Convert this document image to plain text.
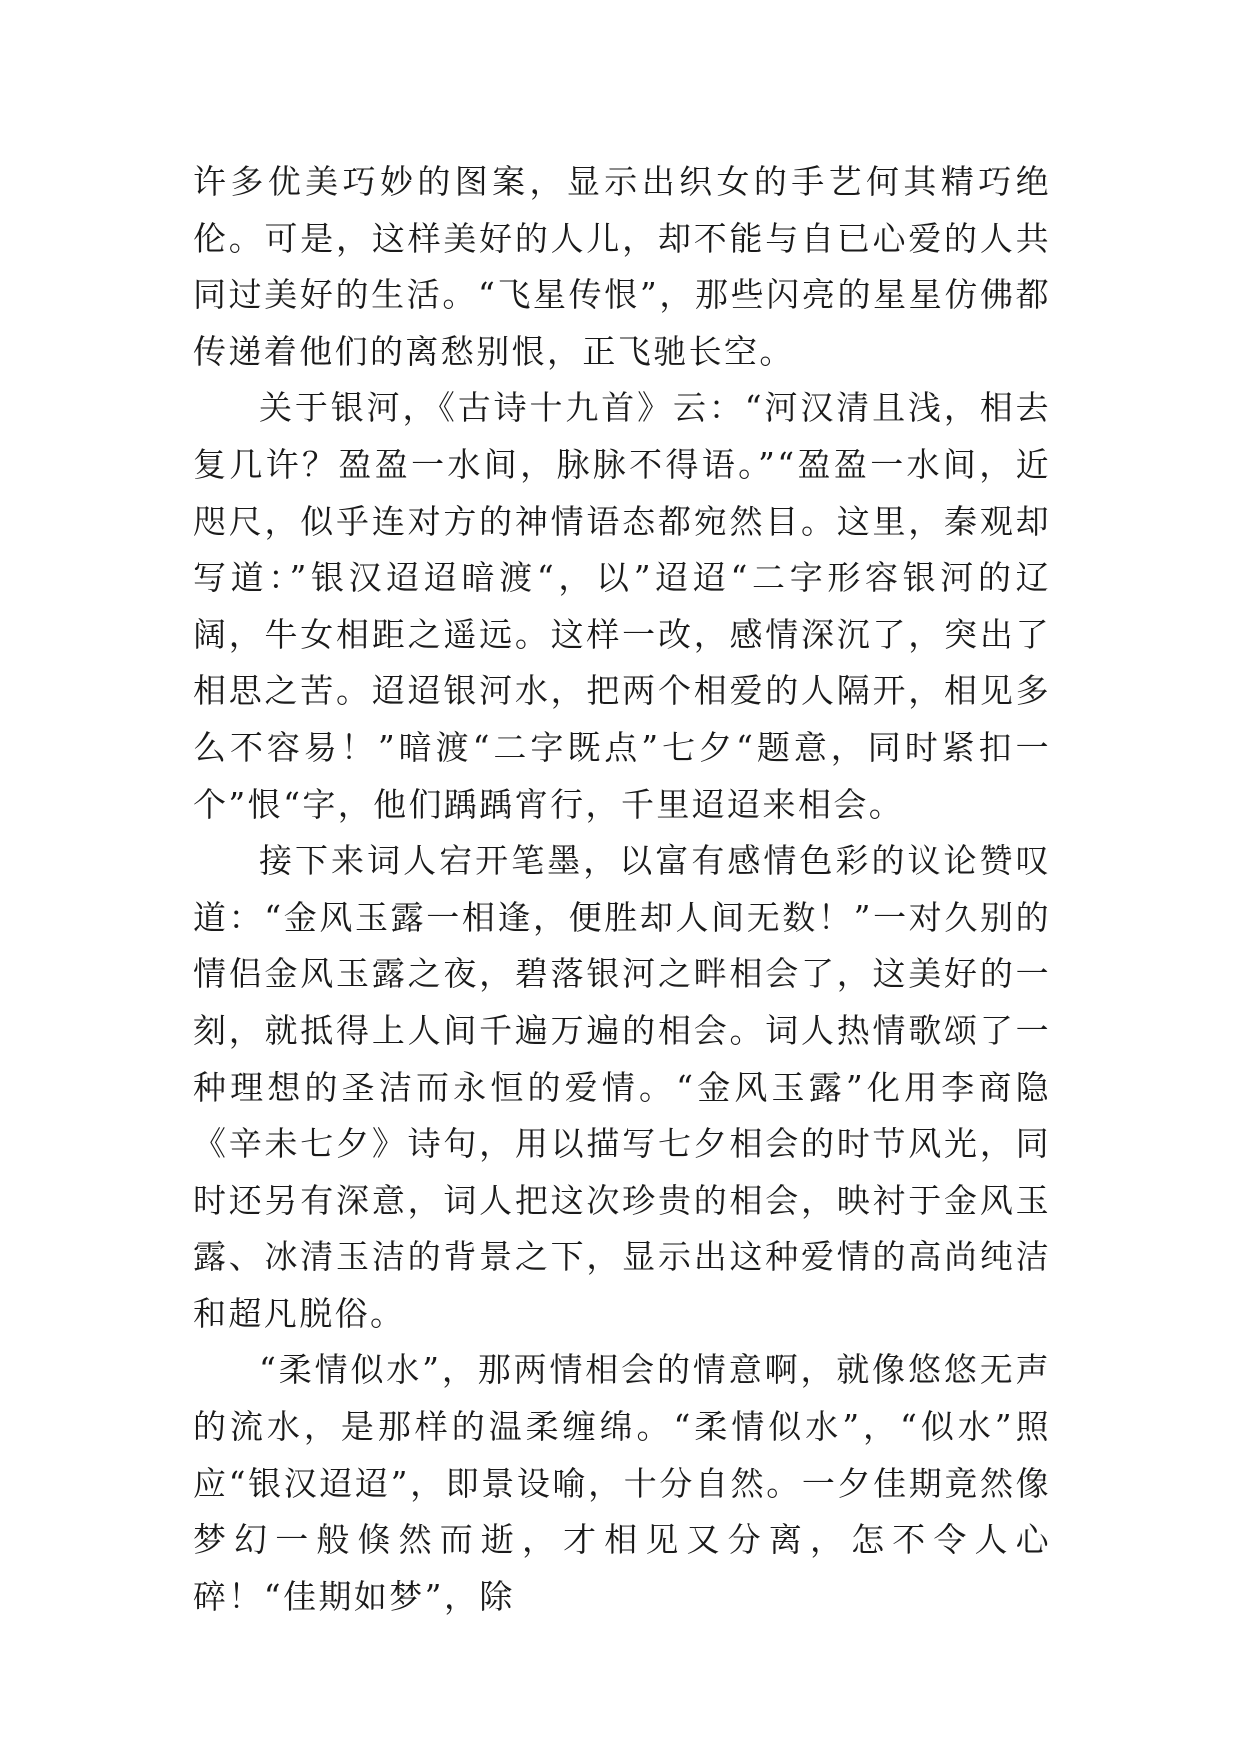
许多优美巧妙的图案，显示出织女的手艺何其精巧绝伦。可是，这样美好的人儿，却不能与自已心爱的人共同过美好的生活。“飞星传恨”，那些闪亮的星星仿佛都传递着他们的离愁别恨，正飞驰长空。

关于银河，《古诗十九首》云：“河汉清且浅，相去复几许？盈盈一水间，脉脉不得语。”“盈盈一水间，近咫尺，似乎连对方的神情语态都宛然目。这里，秦观却写道：”银汉迢迢暗渡“，以”迢迢“二字形容银河的辽阔，牛女相距之遥远。这样一改，感情深沉了，突出了相思之苦。迢迢银河水，把两个相爱的人隔开，相见多么不容易！”暗渡“二字既点”七夕“题意，同时紧扣一个”恨“字，他们踽踽宵行，千里迢迢来相会。

接下来词人宕开笔墨，以富有感情色彩的议论赞叹道：“金风玉露一相逢，便胜却人间无数！”一对久别的情侣金风玉露之夜，碧落银河之畔相会了，这美好的一刻，就抵得上人间千遍万遍的相会。词人热情歌颂了一种理想的圣洁而永恒的爱情。“金风玉露”化用李商隐《辛未七夕》诗句，用以描写七夕相会的时节风光，同时还另有深意，词人把这次珍贵的相会，映衬于金风玉露、冰清玉洁的背景之下，显示出这种爱情的高尚纯洁和超凡脱俗。

“柔情似水”，那两情相会的情意啊，就像悠悠无声的流水，是那样的温柔缠绵。“柔情似水”，“似水”照应“银汉迢迢”，即景设喻，十分自然。一夕佳期竟然像梦幻一般倏然而逝，才相见又分离，怎不令人心碎！“佳期如梦”，除
